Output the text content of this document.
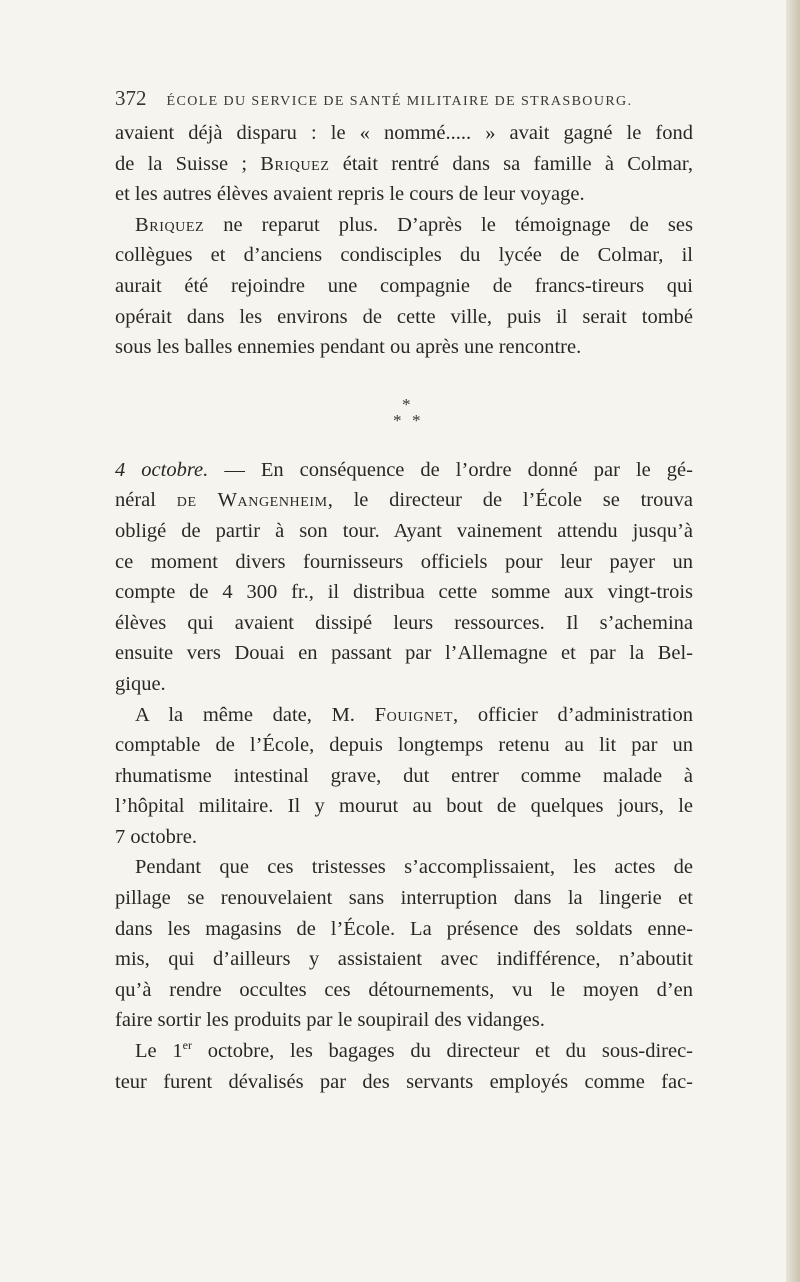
372 ÉCOLE DU SERVICE DE SANTÉ MILITAIRE DE STRASBOURG.
avaient déjà disparu : le « nommé..... » avait gagné le fond
de la Suisse ; Briquez était rentré dans sa famille à Colmar,
et les autres élèves avaient repris le cours de leur voyage.
Briquez ne reparut plus. D’après le témoignage de ses
collègues et d’anciens condisciples du lycée de Colmar, il
aurait été rejoindre une compagnie de francs-tireurs qui
opérait dans les environs de cette ville, puis il serait tombé
sous les balles ennemies pendant ou après une rencontre.
*
* *
4 octobre. — En conséquence de l’ordre donné par le gé-
néral de Wangenheim, le directeur de l’École se trouva
obligé de partir à son tour. Ayant vainement attendu jusqu’à
ce moment divers fournisseurs officiels pour leur payer un
compte de 4 300 fr., il distribua cette somme aux vingt-trois
élèves qui avaient dissipé leurs ressources. Il s’achemina
ensuite vers Douai en passant par l’Allemagne et par la Bel-
gique.
A la même date, M. Fouignet, officier d’administration
comptable de l’École, depuis longtemps retenu au lit par un
rhumatisme intestinal grave, dut entrer comme malade à
l’hôpital militaire. Il y mourut au bout de quelques jours, le
7 octobre.
Pendant que ces tristesses s’accomplissaient, les actes de
pillage se renouvelaient sans interruption dans la lingerie et
dans les magasins de l’École. La présence des soldats enne-
mis, qui d’ailleurs y assistaient avec indifférence, n’aboutit
qu’à rendre occultes ces détournements, vu le moyen d’en
faire sortir les produits par le soupirail des vidanges.
Le 1er octobre, les bagages du directeur et du sous-direc-
teur furent dévalisés par des servants employés comme fac-
